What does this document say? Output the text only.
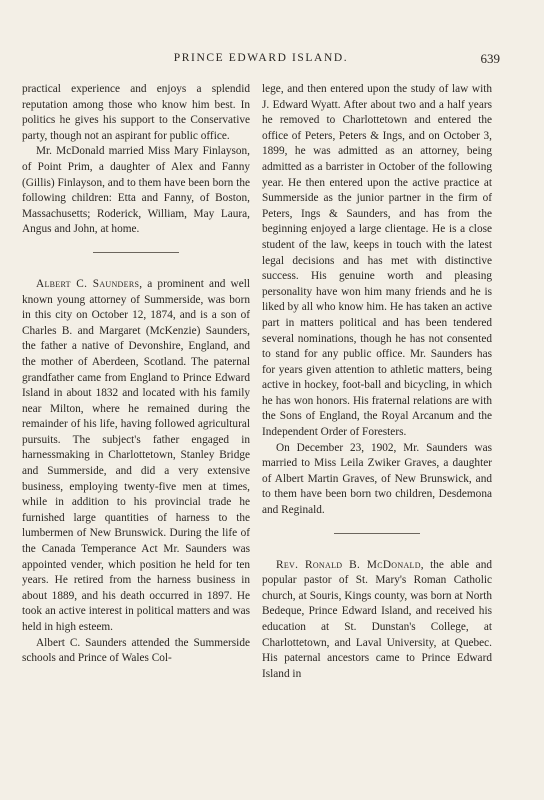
PRINCE EDWARD ISLAND.	639

practical experience and enjoys a splendid reputation among those who know him best. In politics he gives his support to the Conservative party, though not an aspirant for public office.

Mr. McDonald married Miss Mary Finlayson, of Point Prim, a daughter of Alex and Fanny (Gillis) Finlayson, and to them have been born the following children: Etta and Fanny, of Boston, Massachusetts; Roderick, William, May Laura, Angus and John, at home.

Albert C. Saunders, a prominent and well known young attorney of Summerside, was born in this city on October 12, 1874, and is a son of Charles B. and Margaret (McKenzie) Saunders, the father a native of Devonshire, England, and the mother of Aberdeen, Scotland. The paternal grandfather came from England to Prince Edward Island in about 1832 and located with his family near Milton, where he remained during the remainder of his life, having followed agricultural pursuits. The subject's father engaged in harnessmaking in Charlottetown, Stanley Bridge and Summerside, and did a very extensive business, employing twenty-five men at times, while in addition to his provincial trade he furnished large quantities of harness to the lumbermen of New Brunswick. During the life of the Canada Temperance Act Mr. Saunders was appointed vender, which position he held for ten years. He retired from the harness business in about 1889, and his death occurred in 1897. He took an active interest in political matters and was held in high esteem.

Albert C. Saunders attended the Summerside schools and Prince of Wales Col-

lege, and then entered upon the study of law with J. Edward Wyatt. After about two and a half years he removed to Charlottetown and entered the office of Peters, Peters & Ings, and on October 3, 1899, he was admitted as an attorney, being admitted as a barrister in October of the following year. He then entered upon the active practice at Summerside as the junior partner in the firm of Peters, Ings & Saunders, and has from the beginning enjoyed a large clientage. He is a close student of the law, keeps in touch with the latest legal decisions and has met with distinctive success. His genuine worth and pleasing personality have won him many friends and he is liked by all who know him. He has taken an active part in matters political and has been tendered several nominations, though he has not consented to stand for any public office. Mr. Saunders has for years given attention to athletic matters, being active in hockey, foot-ball and bicycling, in which he has won honors. His fraternal relations are with the Sons of England, the Royal Arcanum and the Independent Order of Foresters.

On December 23, 1902, Mr. Saunders was married to Miss Leila Zwiker Graves, a daughter of Albert Martin Graves, of New Brunswick, and to them have been born two children, Desdemona and Reginald.

Rev. Ronald B. McDonald, the able and popular pastor of St. Mary's Roman Catholic church, at Souris, Kings county, was born at North Bedeque, Prince Edward Island, and received his education at St. Dunstan's College, at Charlottetown, and Laval University, at Quebec. His paternal ancestors came to Prince Edward Island in
